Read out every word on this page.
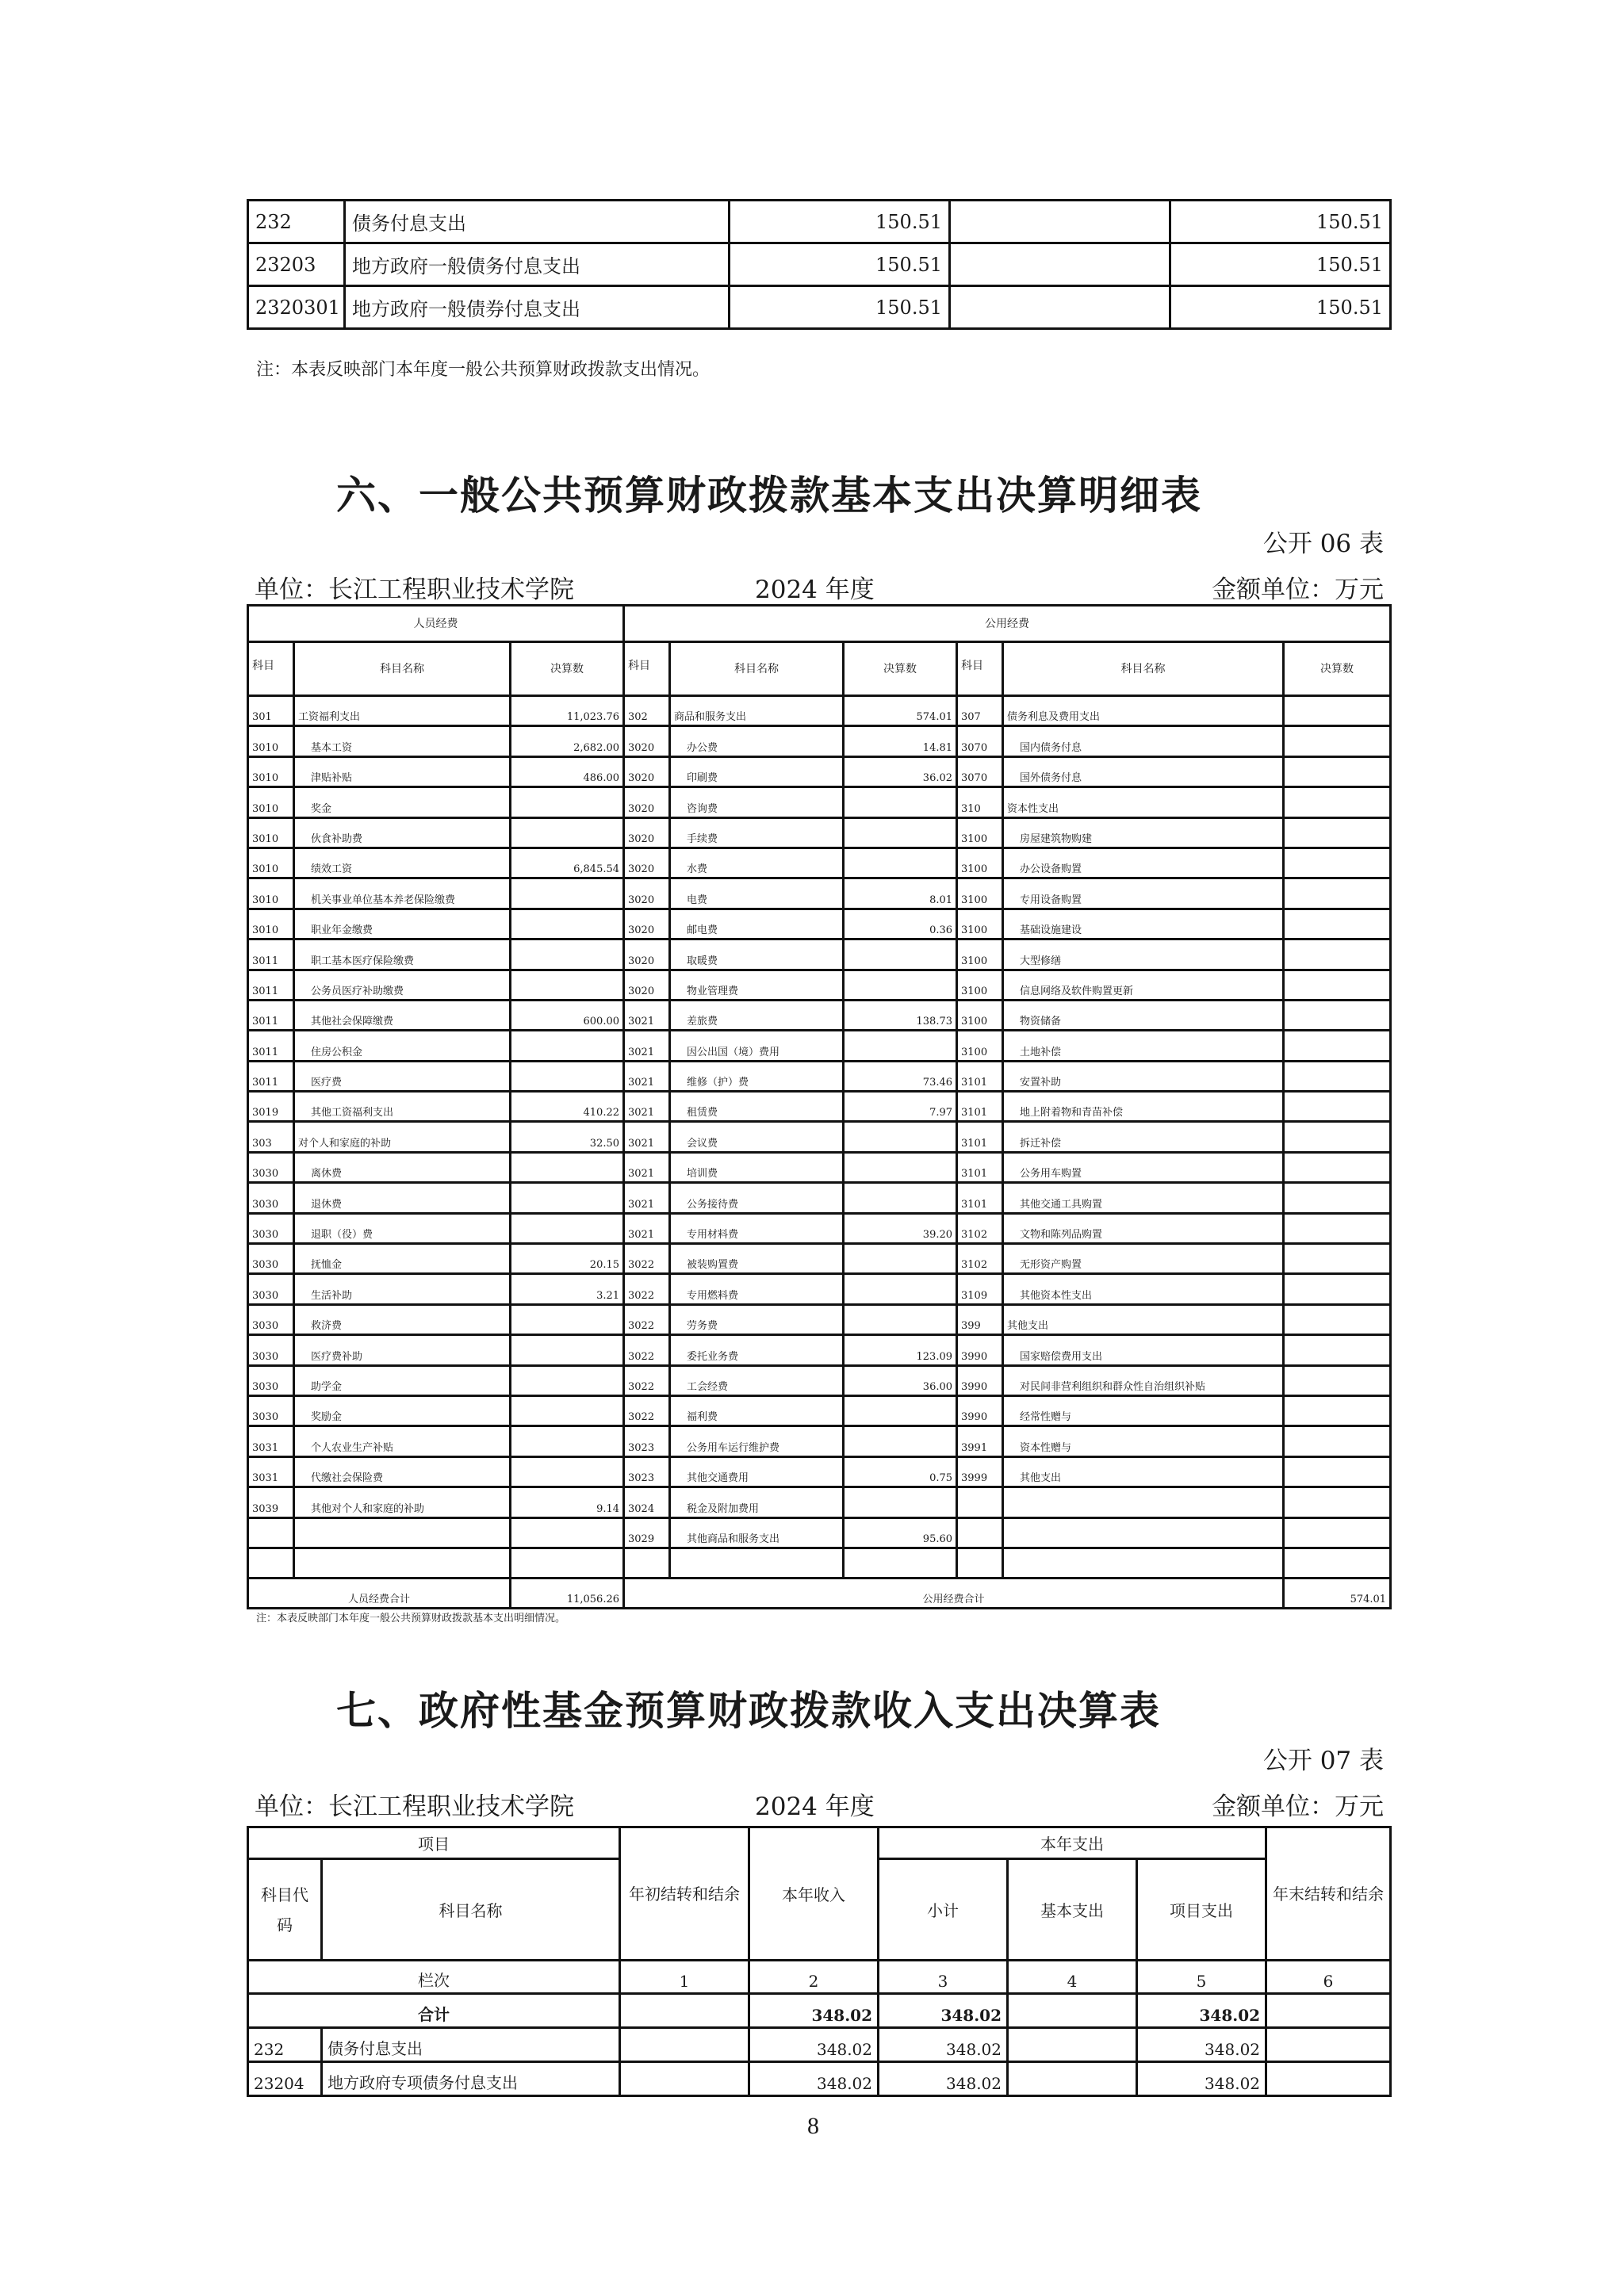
232	债务付息支出	150.51		150.51
23203	地方政府一般债务付息支出	150.51		150.51
2320301	地方政府一般债券付息支出	150.51		150.51
注：本表反映部门本年度一般公共预算财政拨款支出情况。
六、一般公共预算财政拨款基本支出决算明细表
公开 06 表
单位：长江工程职业技术学院	2024 年度	金额单位：万元
人员经费			公用经费					
科目	科目名称	决算数	科目	科目名称	决算数	科目	科目名称	决算数
301	工资福利支出	11,023.76	302	商品和服务支出	574.01	307	债务利息及费用支出	
3010	基本工资	2,682.00	3020	办公费	14.81	3070	国内债务付息	
3010	津贴补贴	486.00	3020	印刷费	36.02	3070	国外债务付息	
3010	奖金		3020	咨询费		310	资本性支出	
3010	伙食补助费		3020	手续费		3100	房屋建筑物购建	
3010	绩效工资	6,845.54	3020	水费		3100	办公设备购置	
3010	机关事业单位基本养老保险缴费		3020	电费	8.01	3100	专用设备购置	
3010	职业年金缴费		3020	邮电费	0.36	3100	基础设施建设	
3011	职工基本医疗保险缴费		3020	取暖费		3100	大型修缮	
3011	公务员医疗补助缴费		3020	物业管理费		3100	信息网络及软件购置更新	
3011	其他社会保障缴费	600.00	3021	差旅费	138.73	3100	物资储备	
3011	住房公积金		3021	因公出国（境）费用		3100	土地补偿	
3011	医疗费		3021	维修（护）费	73.46	3101	安置补助	
3019	其他工资福利支出	410.22	3021	租赁费	7.97	3101	地上附着物和青苗补偿	
303	对个人和家庭的补助	32.50	3021	会议费		3101	拆迁补偿	
3030	离休费		3021	培训费		3101	公务用车购置	
3030	退休费		3021	公务接待费		3101	其他交通工具购置	
3030	退职（役）费		3021	专用材料费	39.20	3102	文物和陈列品购置	
3030	抚恤金	20.15	3022	被装购置费		3102	无形资产购置	
3030	生活补助	3.21	3022	专用燃料费		3109	其他资本性支出	
3030	救济费		3022	劳务费		399	其他支出	
3030	医疗费补助		3022	委托业务费	123.09	3990	国家赔偿费用支出	
3030	助学金		3022	工会经费	36.00	3990	对民间非营利组织和群众性自治组织补贴	
3030	奖励金		3022	福利费		3990	经常性赠与	
3031	个人农业生产补贴		3023	公务用车运行维护费		3991	资本性赠与	
3031	代缴社会保险费		3023	其他交通费用	0.75	3999	其他支出	
3039	其他对个人和家庭的补助	9.14	3024	税金及附加费用				
			3029	其他商品和服务支出	95.60			

人员经费合计		11,056.26	公用经费合计					574.01
注：本表反映部门本年度一般公共预算财政拨款基本支出明细情况。
七、政府性基金预算财政拨款收入支出决算表
公开 07 表
单位：长江工程职业技术学院	2024 年度	金额单位：万元
项目		年初结转和结余	本年收入	本年支出			年末结转和结余
科目代码	科目名称			小计	基本支出	项目支出	
栏次		1	2	3	4	5	6
合计			348.02	348.02		348.02	
232	债务付息支出		348.02	348.02		348.02	
23204	地方政府专项债务付息支出		348.02	348.02		348.02	
8
